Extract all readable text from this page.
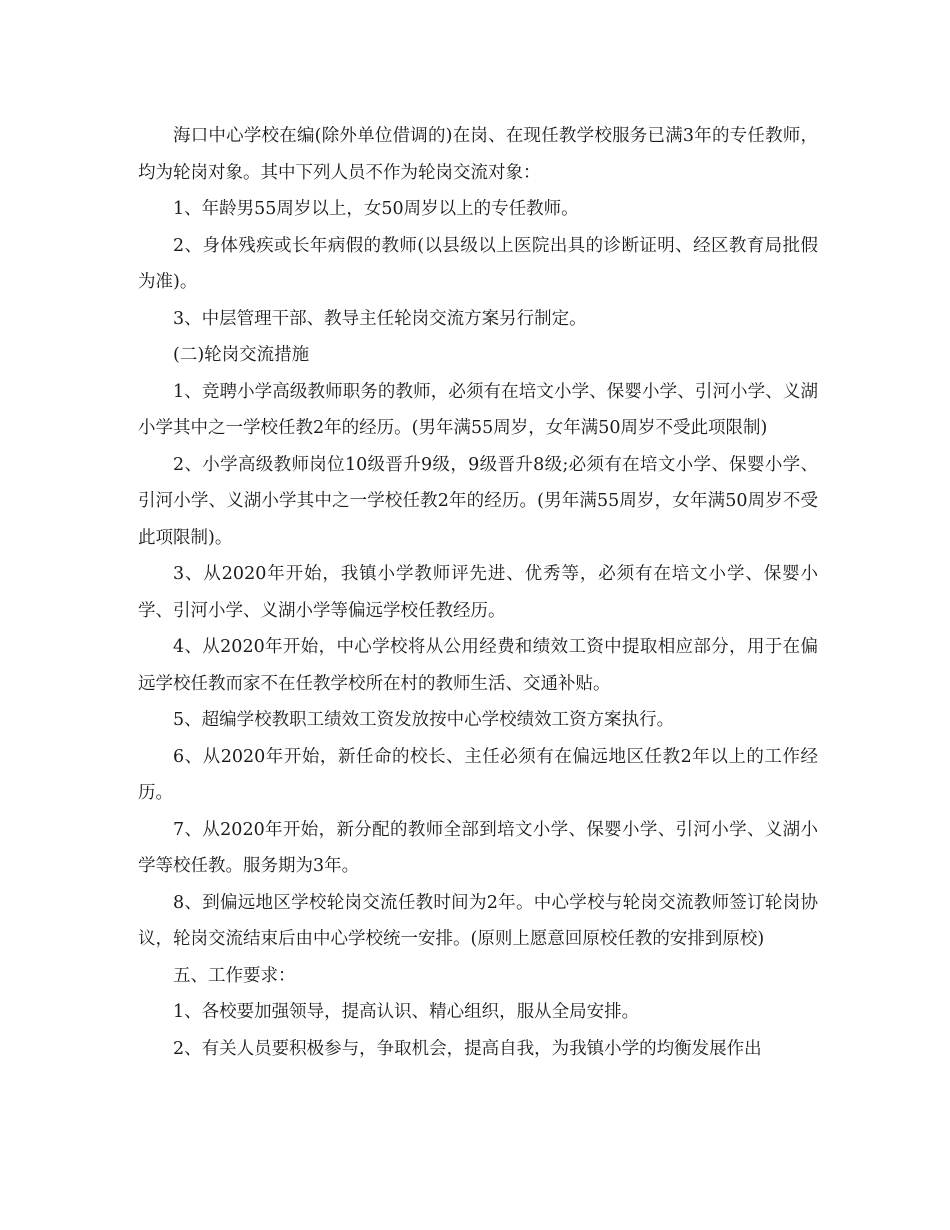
海口中心学校在编(除外单位借调的)在岗、在现任教学校服务已满3年的专任教师，均为轮岗对象。其中下列人员不作为轮岗交流对象：

1、年龄男55周岁以上，女50周岁以上的专任教师。

2、身体残疾或长年病假的教师(以县级以上医院出具的诊断证明、经区教育局批假为准)。

3、中层管理干部、教导主任轮岗交流方案另行制定。

(二)轮岗交流措施

1、竞聘小学高级教师职务的教师，必须有在培文小学、保婴小学、引河小学、义湖小学其中之一学校任教2年的经历。(男年满55周岁，女年满50周岁不受此项限制)

2、小学高级教师岗位10级晋升9级，9级晋升8级;必须有在培文小学、保婴小学、引河小学、义湖小学其中之一学校任教2年的经历。(男年满55周岁，女年满50周岁不受此项限制)。

3、从2020年开始，我镇小学教师评先进、优秀等，必须有在培文小学、保婴小学、引河小学、义湖小学等偏远学校任教经历。

4、从2020年开始，中心学校将从公用经费和绩效工资中提取相应部分，用于在偏远学校任教而家不在任教学校所在村的教师生活、交通补贴。

5、超编学校教职工绩效工资发放按中心学校绩效工资方案执行。

6、从2020年开始，新任命的校长、主任必须有在偏远地区任教2年以上的工作经历。

7、从2020年开始，新分配的教师全部到培文小学、保婴小学、引河小学、义湖小学等校任教。服务期为3年。

8、到偏远地区学校轮岗交流任教时间为2年。中心学校与轮岗交流教师签订轮岗协议，轮岗交流结束后由中心学校统一安排。(原则上愿意回原校任教的安排到原校)

五、工作要求：

1、各校要加强领导，提高认识、精心组织，服从全局安排。

2、有关人员要积极参与，争取机会，提高自我，为我镇小学的均衡发展作出
